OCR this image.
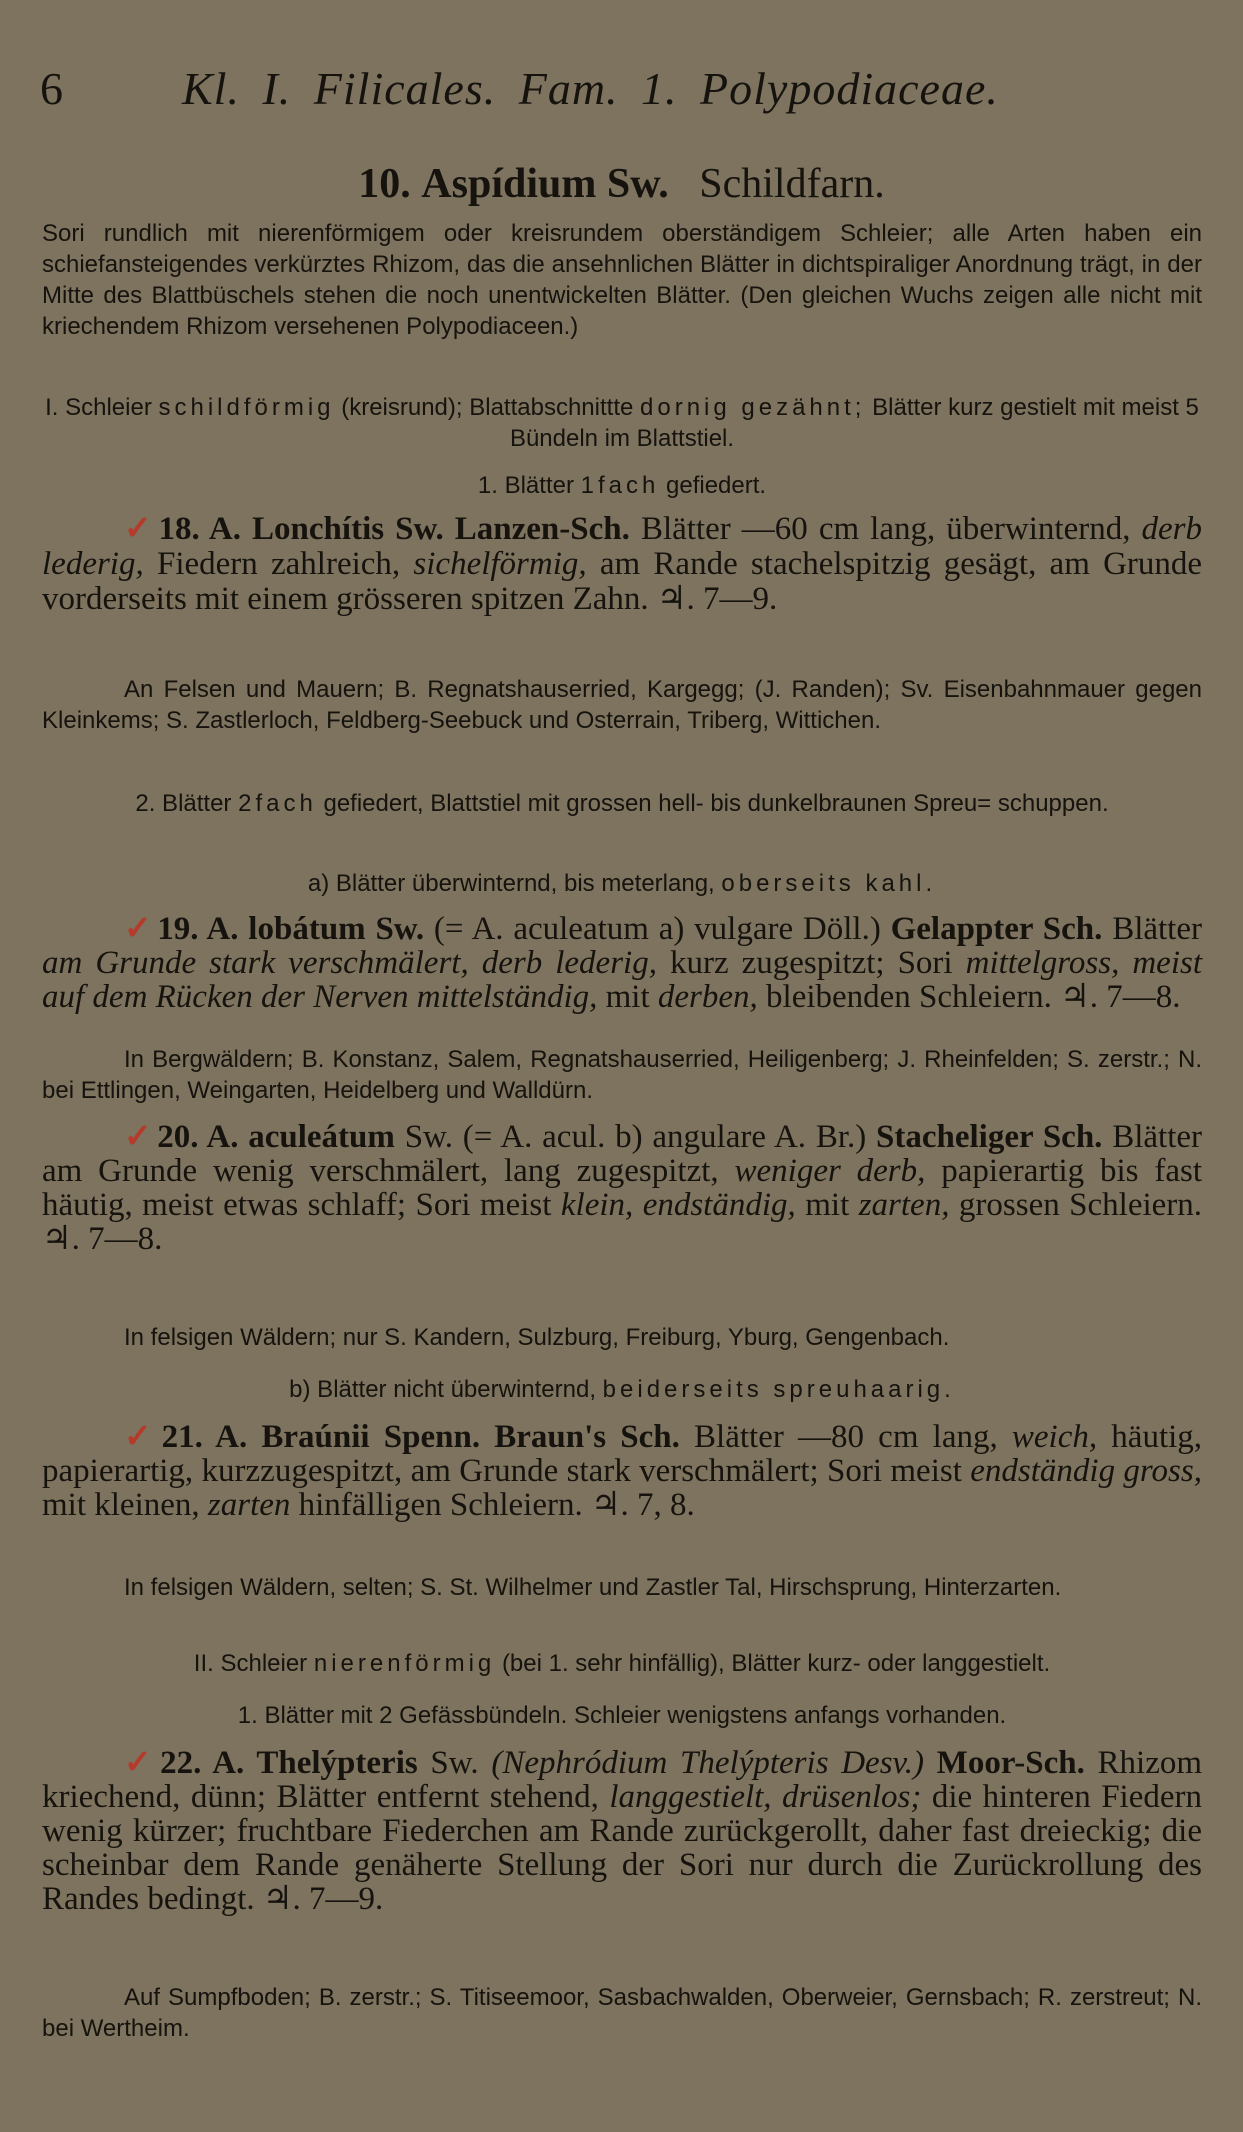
6	Kl. I. Filicales. Fam. 1. Polypodiaceae.
10. Aspídium Sw. Schildfarn.

Sori rundlich mit nierenförmigem oder kreisrundem oberständigem Schleier; alle Arten haben ein schiefansteigendes verkürztes Rhizom, das die ansehnlichen Blätter in dichtspiraliger Anordnung trägt, in der Mitte des Blattbüschels stehen die noch unentwickelten Blätter. (Den gleichen Wuchs zeigen alle nicht mit kriechendem Rhizom versehenen Polypodiaceen.)

I. Schleier schildförmig (kreisrund); Blattabschnittte dornig gezähnt; Blätter kurz gestielt mit meist 5 Bündeln im Blattstiel.

1. Blätter 1fach gefiedert.

✓ 18. A. Lonchítis Sw. Lanzen-Sch. Blätter —60 cm lang, überwinternd, derb lederig, Fiedern zahlreich, sichelförmig, am Rande stachelspitzig gesägt, am Grunde vorderseits mit einem grösseren spitzen Zahn. ♃. 7—9.

An Felsen und Mauern; B. Regnatshauserried, Kargegg; (J. Randen); Sv. Eisenbahnmauer gegen Kleinkems; S. Zastlerloch, Feldberg-Seebuck und Osterrain, Triberg, Wittichen.

2. Blätter 2fach gefiedert, Blattstiel mit grossen hell- bis dunkelbraunen Spreu= schuppen.

a) Blätter überwinternd, bis meterlang, oberseits kahl.

✓ 19. A. lobátum Sw. (= A. aculeatum a) vulgare Döll.) Gelappter Sch. Blätter am Grunde stark verschmälert, derb lederig, kurz zugespitzt; Sori mittelgross, meist auf dem Rücken der Nerven mittelständig, mit derben, bleibenden Schleiern. ♃. 7—8.

In Bergwäldern; B. Konstanz, Salem, Regnatshauserried, Heiligenberg; J. Rheinfelden; S. zerstr.; N. bei Ettlingen, Weingarten, Heidelberg und Walldürn.

✓ 20. A. aculeátum Sw. (= A. acul. b) angulare A. Br.) Stacheliger Sch. Blätter am Grunde wenig verschmälert, lang zugespitzt, weniger derb, papierartig bis fast häutig, meist etwas schlaff; Sori meist klein, endständig, mit zarten, grossen Schleiern. ♃. 7—8.

In felsigen Wäldern; nur S. Kandern, Sulzburg, Freiburg, Yburg, Gengenbach.

b) Blätter nicht überwinternd, beiderseits spreuhaarig.

✓ 21. A. Braúnii Spenn. Braun's Sch. Blätter —80 cm lang, weich, häutig, papierartig, kurzzugespitzt, am Grunde stark verschmälert; Sori meist endständig gross, mit kleinen, zarten hinfälligen Schleiern. ♃. 7, 8.

In felsigen Wäldern, selten; S. St. Wilhelmer und Zastler Tal, Hirschsprung, Hinterzarten.

II. Schleier nierenförmig (bei 1. sehr hinfällig), Blätter kurz- oder langgestielt.

1. Blätter mit 2 Gefässbündeln. Schleier wenigstens anfangs vorhanden.

✓ 22. A. Thelýpteris Sw. (Nephródium Thelýpteris Desv.) Moor-Sch. Rhizom kriechend, dünn; Blätter entfernt stehend, langgestielt, drüsenlos; die hinteren Fiedern wenig kürzer; fruchtbare Fiederchen am Rande zurückgerollt, daher fast dreieckig; die scheinbar dem Rande genäherte Stellung der Sori nur durch die Zurückrollung des Randes bedingt. ♃. 7—9.

Auf Sumpfboden; B. zerstr.; S. Titiseemoor, Sasbachwalden, Oberweier, Gernsbach; R. zerstreut; N. bei Wertheim.
